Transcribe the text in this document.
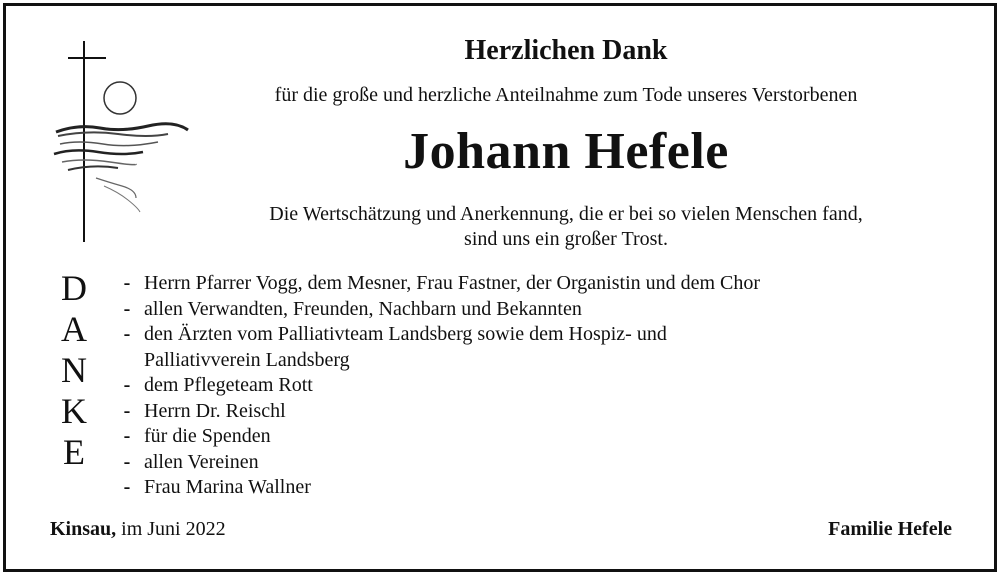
Herzlichen Dank
für die große und herzliche Anteilnahme zum Tode unseres Verstorbenen
Johann Hefele
Die Wertschätzung und Anerkennung, die er bei so vielen Menschen fand,
sind uns ein großer Trost.
D
A
N
K
E
- Herrn Pfarrer Vogg, dem Mesner, Frau Fastner, der Organistin und dem Chor
- allen Verwandten, Freunden, Nachbarn und Bekannten
- den Ärzten vom Palliativteam Landsberg sowie dem Hospiz- und
Palliativverein Landsberg
- dem Pflegeteam Rott
- Herrn Dr. Reischl
- für die Spenden
- allen Vereinen
- Frau Marina Wallner
Kinsau, im Juni 2022	Familie Hefele
